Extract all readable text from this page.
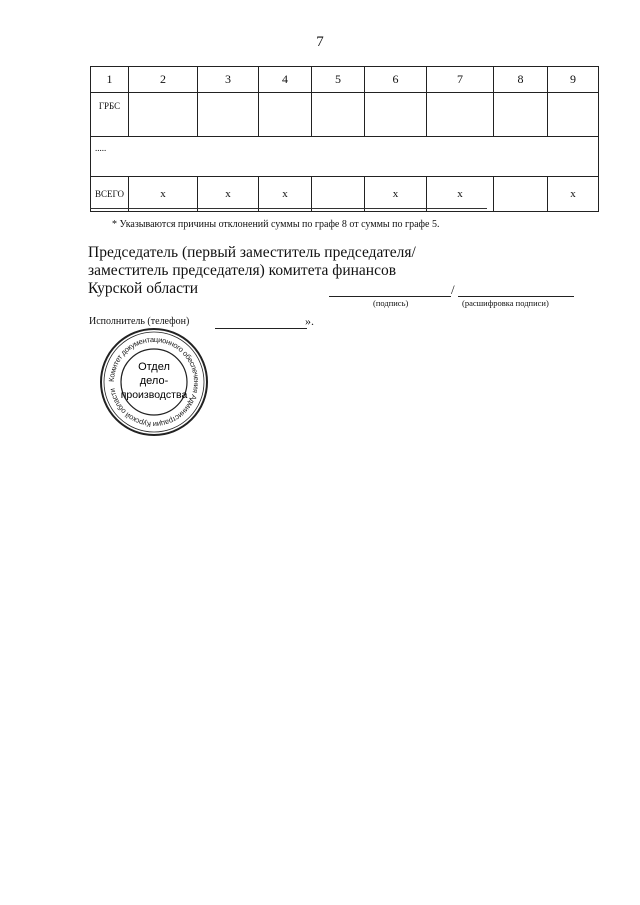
7
1	2	3	4	5	6	7	8	9
ГРБС								
.....								
ВСЕГО	x	x	x		x	x		x
* Указываются причины отклонений суммы по графе 8 от суммы по графе 5.
Председатель (первый заместитель председателя/
заместитель председателя) комитета финансов
Курской области	/
(подпись)	(расшифровка подписи)
Исполнитель (телефон)	».
Комитет документационного обеспечения Администрации Курской области
Отдел
дело-
производства
